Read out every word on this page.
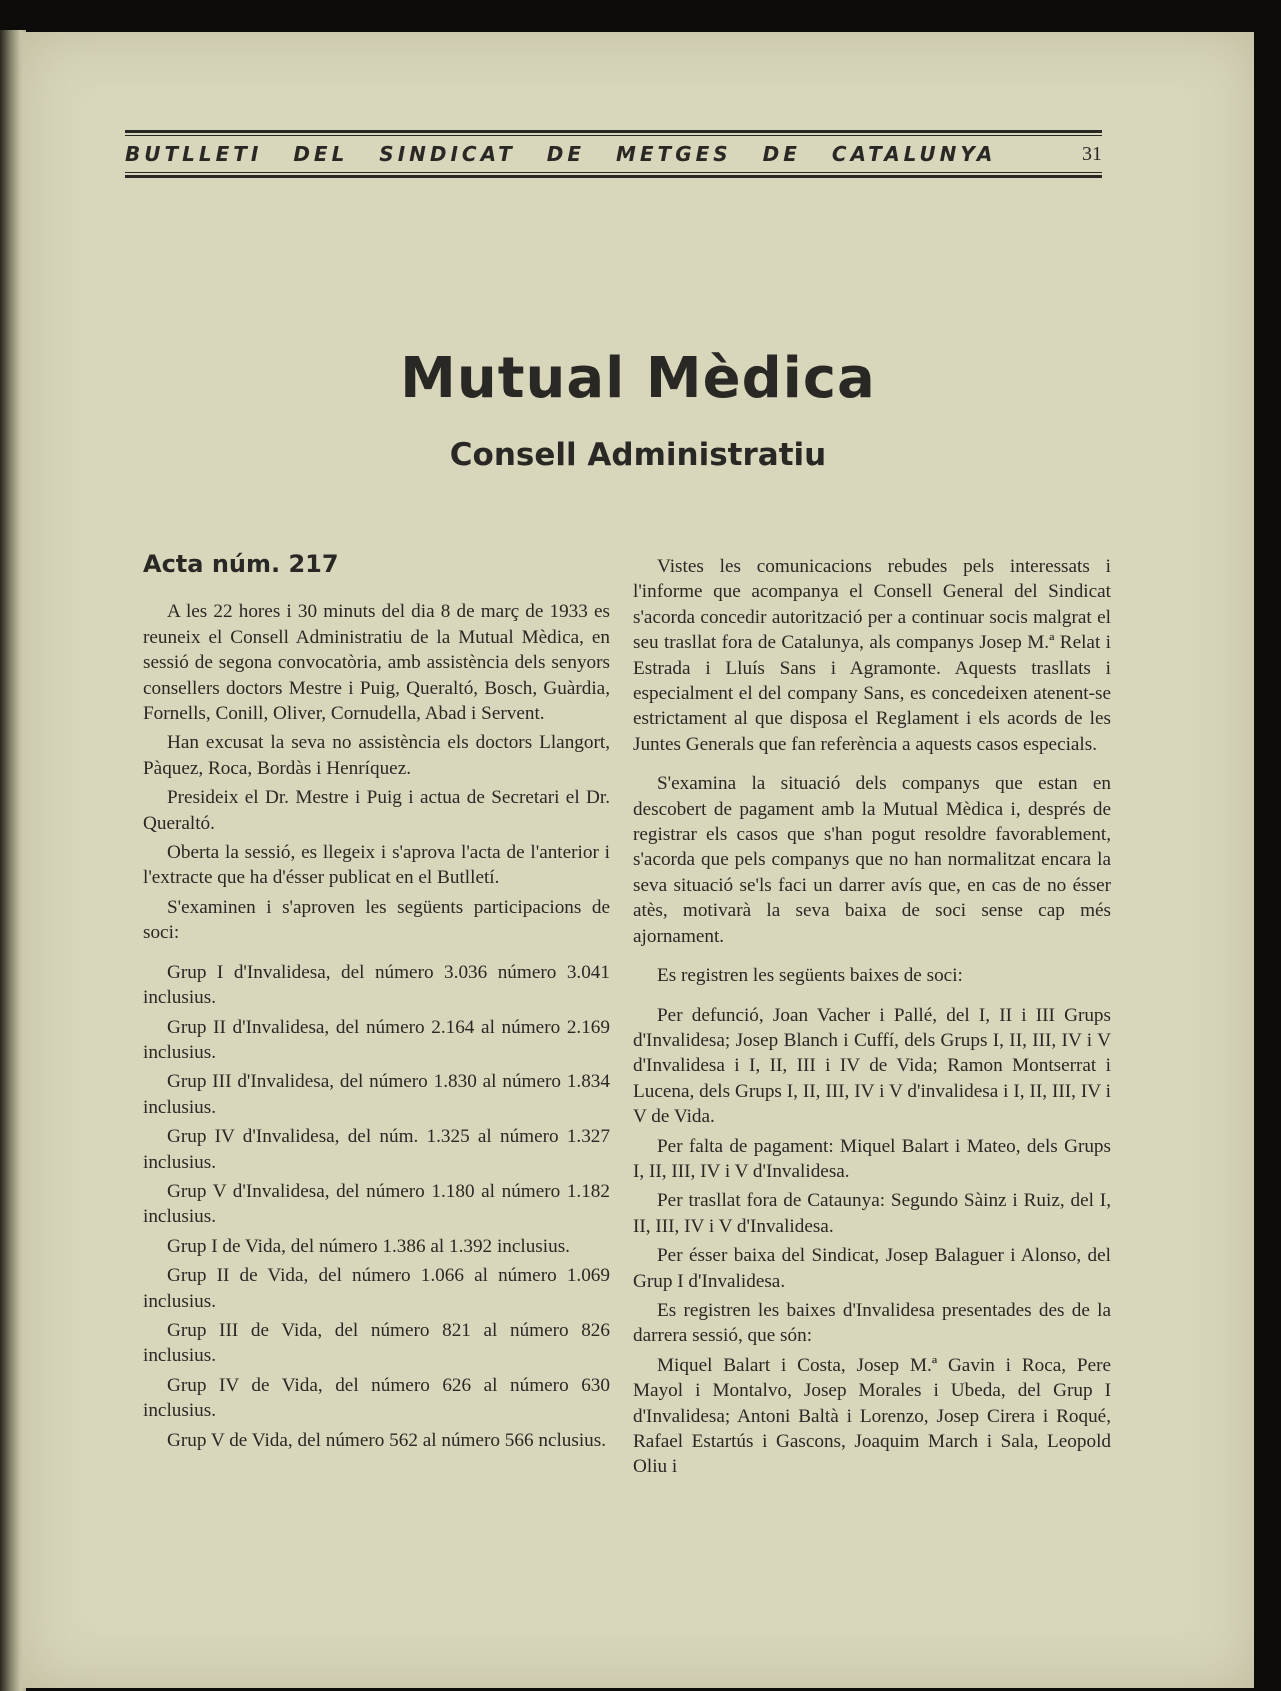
BUTLLETI DEL SINDICAT DE METGES DE CATALUNYA	31
Mutual Mèdica
Consell Administratiu
Acta núm. 217

A les 22 hores i 30 minuts del dia 8 de març de 1933 es reuneix el Consell Administratiu de la Mutual Mèdica, en sessió de segona convocatòria, amb assistència dels senyors consellers doctors Mestre i Puig, Queraltó, Bosch, Guàrdia, Fornells, Conill, Oliver, Cornudella, Abad i Servent.

Han excusat la seva no assistència els doctors Llangort, Pàquez, Roca, Bordàs i Henríquez.

Presideix el Dr. Mestre i Puig i actua de Secretari el Dr. Queraltó.

Oberta la sessió, es llegeix i s'aprova l'acta de l'anterior i l'extracte que ha d'ésser publicat en el Butlletí.

S'examinen i s'aproven les següents participacions de soci:

Grup I d'Invalidesa, del número 3.036 número 3.041 inclusius.

Grup II d'Invalidesa, del número 2.164 al número 2.169 inclusius.

Grup III d'Invalidesa, del número 1.830 al número 1.834 inclusius.

Grup IV d'Invalidesa, del núm. 1.325 al número 1.327 inclusius.

Grup V d'Invalidesa, del número 1.180 al número 1.182 inclusius.

Grup I de Vida, del número 1.386 al 1.392 inclusius.

Grup II de Vida, del número 1.066 al número 1.069 inclusius.

Grup III de Vida, del número 821 al número 826 inclusius.

Grup IV de Vida, del número 626 al número 630 inclusius.

Grup V de Vida, del número 562 al número 566 nclusius.

Vistes les comunicacions rebudes pels interessats i l'informe que acompanya el Consell General del Sindicat s'acorda concedir autorització per a continuar socis malgrat el seu trasllat fora de Catalunya, als companys Josep M.ª Relat i Estrada i Lluís Sans i Agramonte. Aquests trasllats i especialment el del company Sans, es concedeixen atenent-se estrictament al que disposa el Reglament i els acords de les Juntes Generals que fan referència a aquests casos especials.

S'examina la situació dels companys que estan en descobert de pagament amb la Mutual Mèdica i, després de registrar els casos que s'han pogut resoldre favorablement, s'acorda que pels companys que no han normalitzat encara la seva situació se'ls faci un darrer avís que, en cas de no ésser atès, motivarà la seva baixa de soci sense cap més ajornament.

Es registren les següents baixes de soci:

Per defunció, Joan Vacher i Pallé, del I, II i III Grups d'Invalidesa; Josep Blanch i Cuffí, dels Grups I, II, III, IV i V d'Invalidesa i I, II, III i IV de Vida; Ramon Montserrat i Lucena, dels Grups I, II, III, IV i V d'invalidesa i I, II, III, IV i V de Vida.

Per falta de pagament: Miquel Balart i Mateo, dels Grups I, II, III, IV i V d'Invalidesa.

Per trasllat fora de Cataunya: Segundo Sàinz i Ruiz, del I, II, III, IV i V d'Invalidesa.

Per ésser baixa del Sindicat, Josep Balaguer i Alonso, del Grup I d'Invalidesa.

Es registren les baixes d'Invalidesa presentades des de la darrera sessió, que són:

Miquel Balart i Costa, Josep M.ª Gavin i Roca, Pere Mayol i Montalvo, Josep Morales i Ubeda, del Grup I d'Invalidesa; Antoni Baltà i Lorenzo, Josep Cirera i Roqué, Rafael Estartús i Gascons, Joaquim March i Sala, Leopold Oliu i
